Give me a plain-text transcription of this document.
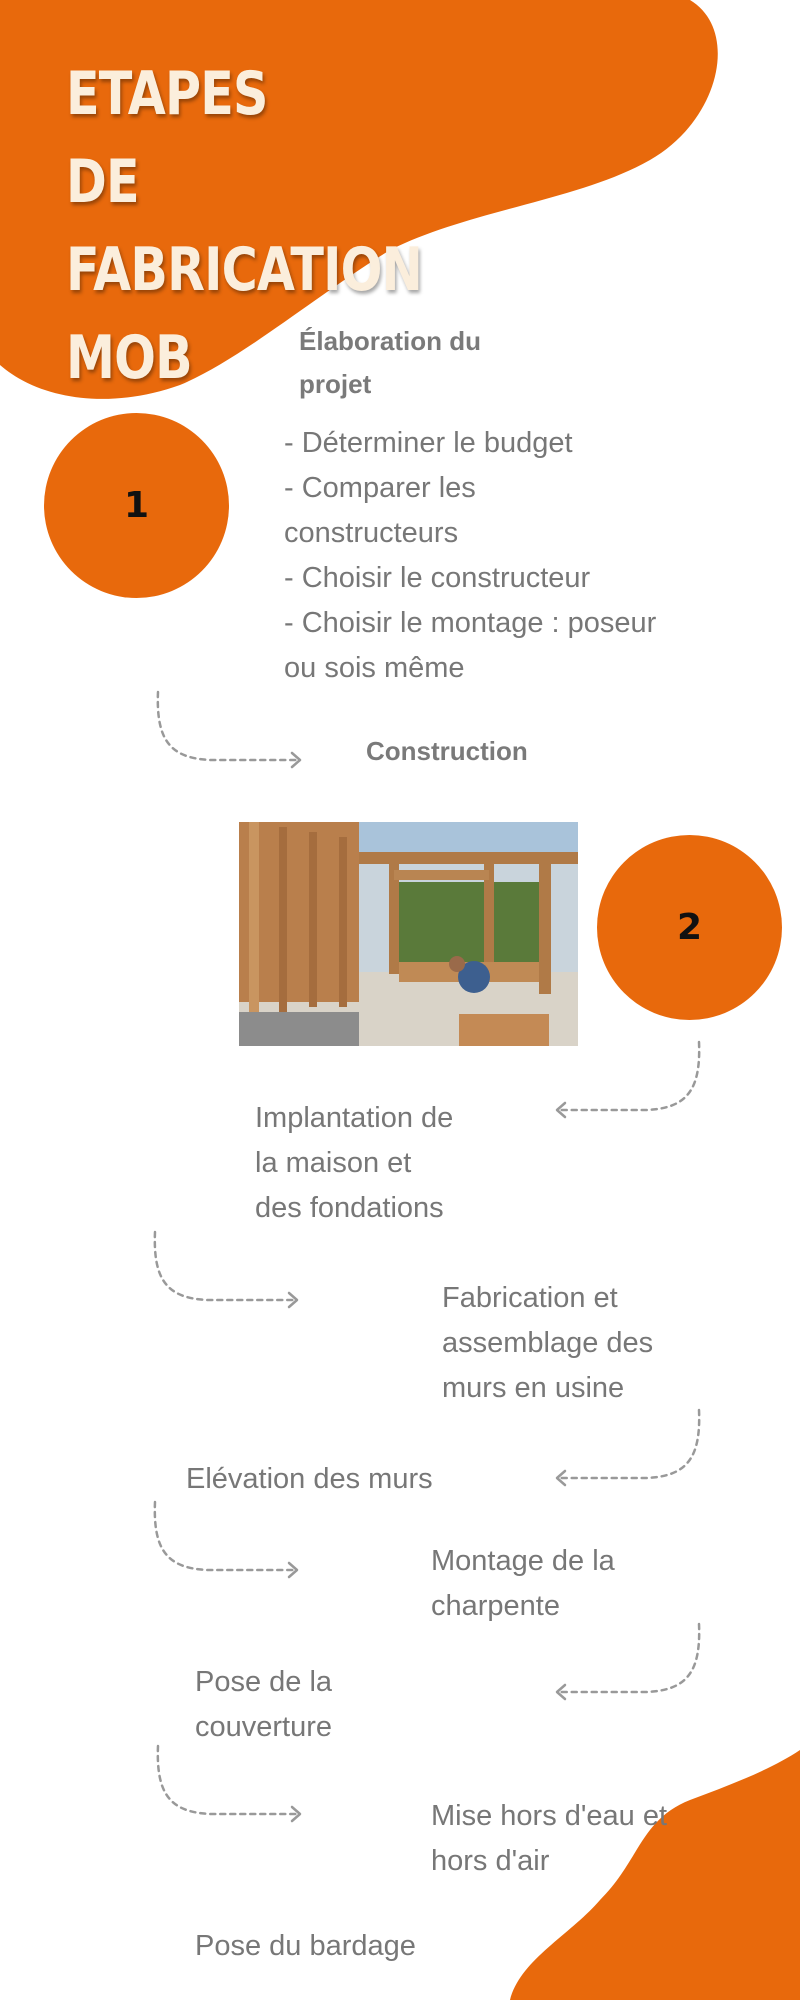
ETAPES DE
FABRICATION
MOB
1
Élaboration du
projet
- Déterminer le budget
- Comparer les
constructeurs
- Choisir le constructeur
- Choisir le montage : poseur
ou sois même
Construction
2
Implantation de
la maison et
des fondations
Fabrication et
assemblage des
murs en usine
Elévation des murs
Montage de la
charpente
Pose de la
couverture
Mise hors d'eau et
hors d'air
Pose du bardage
